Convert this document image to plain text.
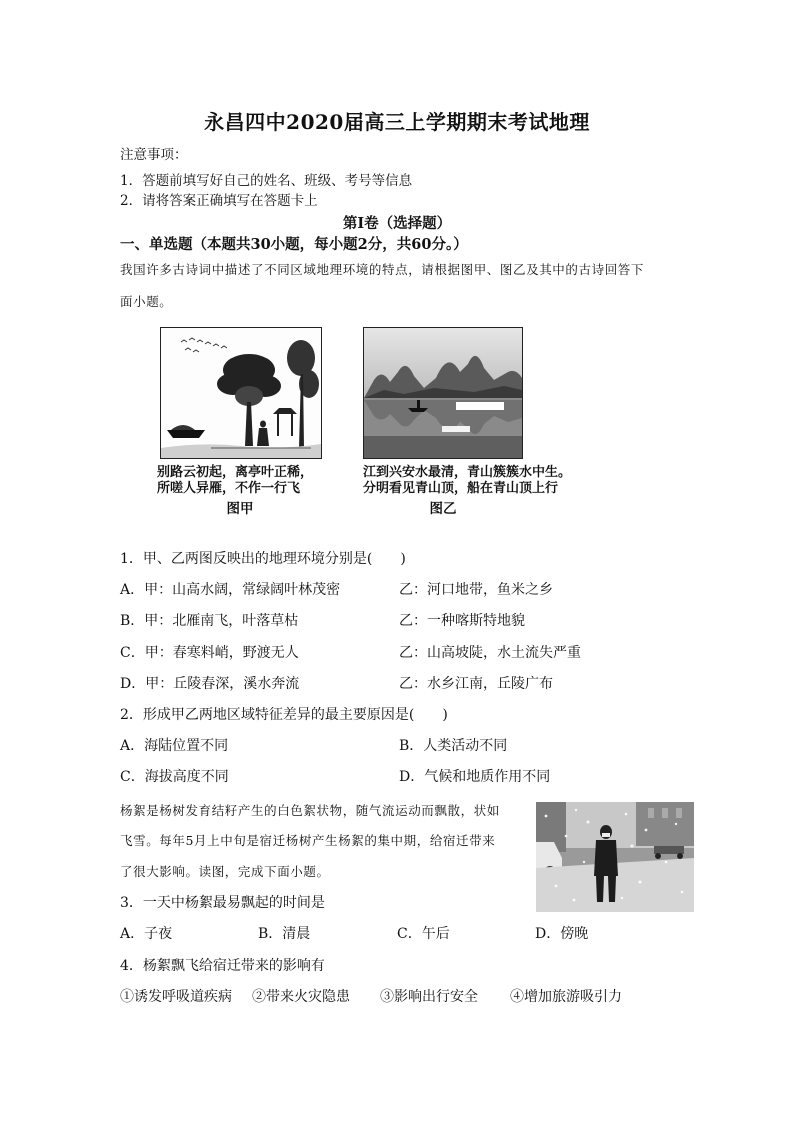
永昌四中2020届高三上学期期末考试地理
注意事项：
1．答题前填写好自己的姓名、班级、考号等信息
2．请将答案正确填写在答题卡上
第I卷（选择题）
一、单选题（本题共30小题，每小题2分，共60分。）
我国许多古诗词中描述了不同区域地理环境的特点，请根据图甲、图乙及其中的古诗回答下
面小题。
别路云初起，离亭叶正稀，
所嗟人异雁，不作一行飞
图甲
江到兴安水最清，青山簇簇水中生。
分明看见青山顶，船在青山顶上行
图乙
1．甲、乙两图反映出的地理环境分别是(　　)
A．甲：山高水阔，常绿阔叶林茂密	乙：河口地带，鱼米之乡
B．甲：北雁南飞，叶落草枯	乙：一种喀斯特地貌
C．甲：春寒料峭，野渡无人	乙：山高坡陡，水土流失严重
D．甲：丘陵春深，溪水奔流	乙：水乡江南，丘陵广布
2．形成甲乙两地区域特征差异的最主要原因是(　　)
A．海陆位置不同	B．人类活动不同
C．海拔高度不同	D．气候和地质作用不同
杨絮是杨树发育结籽产生的白色絮状物，随气流运动而飘散，状如
飞雪。每年5月上中旬是宿迁杨树产生杨絮的集中期，给宿迁带来
了很大影响。读图，完成下面小题。
3．一天中杨絮最易飘起的时间是
A．子夜	B．清晨	C．午后	D．傍晚
4．杨絮飘飞给宿迁带来的影响有
①诱发呼吸道疾病 ②带来火灾隐患 ③影响出行安全 ④增加旅游吸引力
